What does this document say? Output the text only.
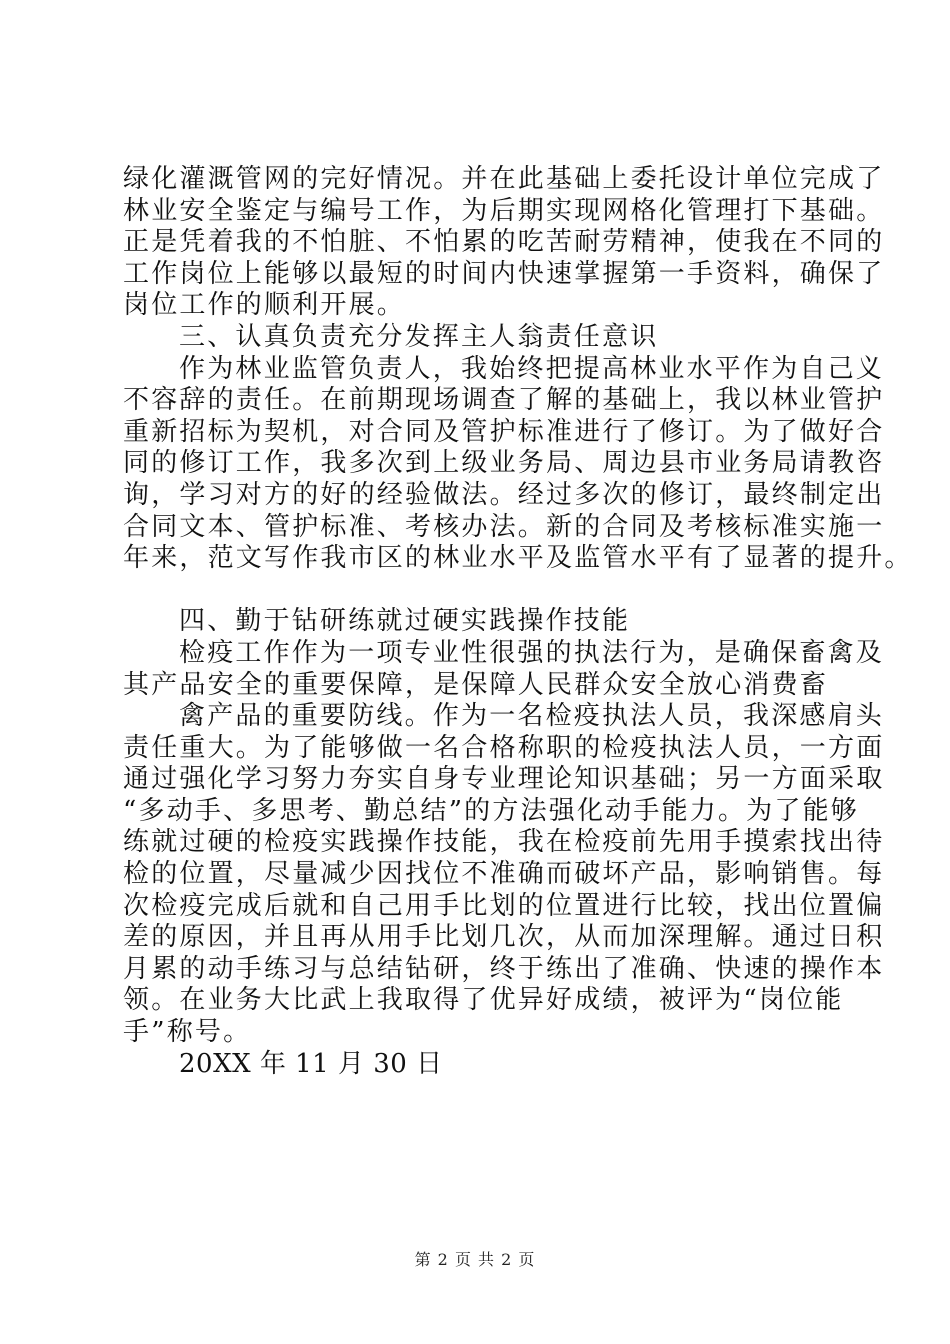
绿化灌溉管网的完好情况。并在此基础上委托设计单位完成了
林业安全鉴定与编号工作，为后期实现网格化管理打下基础。
正是凭着我的不怕脏、不怕累的吃苦耐劳精神，使我在不同的
工作岗位上能够以最短的时间内快速掌握第一手资料，确保了
岗位工作的顺利开展。
三、认真负责充分发挥主人翁责任意识
作为林业监管负责人，我始终把提高林业水平作为自己义
不容辞的责任。在前期现场调查了解的基础上，我以林业管护
重新招标为契机，对合同及管护标准进行了修订。为了做好合
同的修订工作，我多次到上级业务局、周边县市业务局请教咨
询，学习对方的好的经验做法。经过多次的修订，最终制定出
合同文本、管护标准、考核办法。新的合同及考核标准实施一
年来，范文写作我市区的林业水平及监管水平有了显著的提升。
四、勤于钻研练就过硬实践操作技能
检疫工作作为一项专业性很强的执法行为，是确保畜禽及
其产品安全的重要保障，是保障人民群众安全放心消费畜
禽产品的重要防线。作为一名检疫执法人员，我深感肩头
责任重大。为了能够做一名合格称职的检疫执法人员，一方面
通过强化学习努力夯实自身专业理论知识基础；另一方面采取
“多动手、多思考、勤总结”的方法强化动手能力。为了能够
练就过硬的检疫实践操作技能，我在检疫前先用手摸索找出待
检的位置，尽量减少因找位不准确而破坏产品，影响销售。每
次检疫完成后就和自己用手比划的位置进行比较，找出位置偏
差的原因，并且再从用手比划几次，从而加深理解。通过日积
月累的动手练习与总结钻研，终于练出了准确、快速的操作本
领。在业务大比武上我取得了优异好成绩，被评为“岗位能
手”称号。
20XX 年 11 月 30 日
第 2 页 共 2 页
